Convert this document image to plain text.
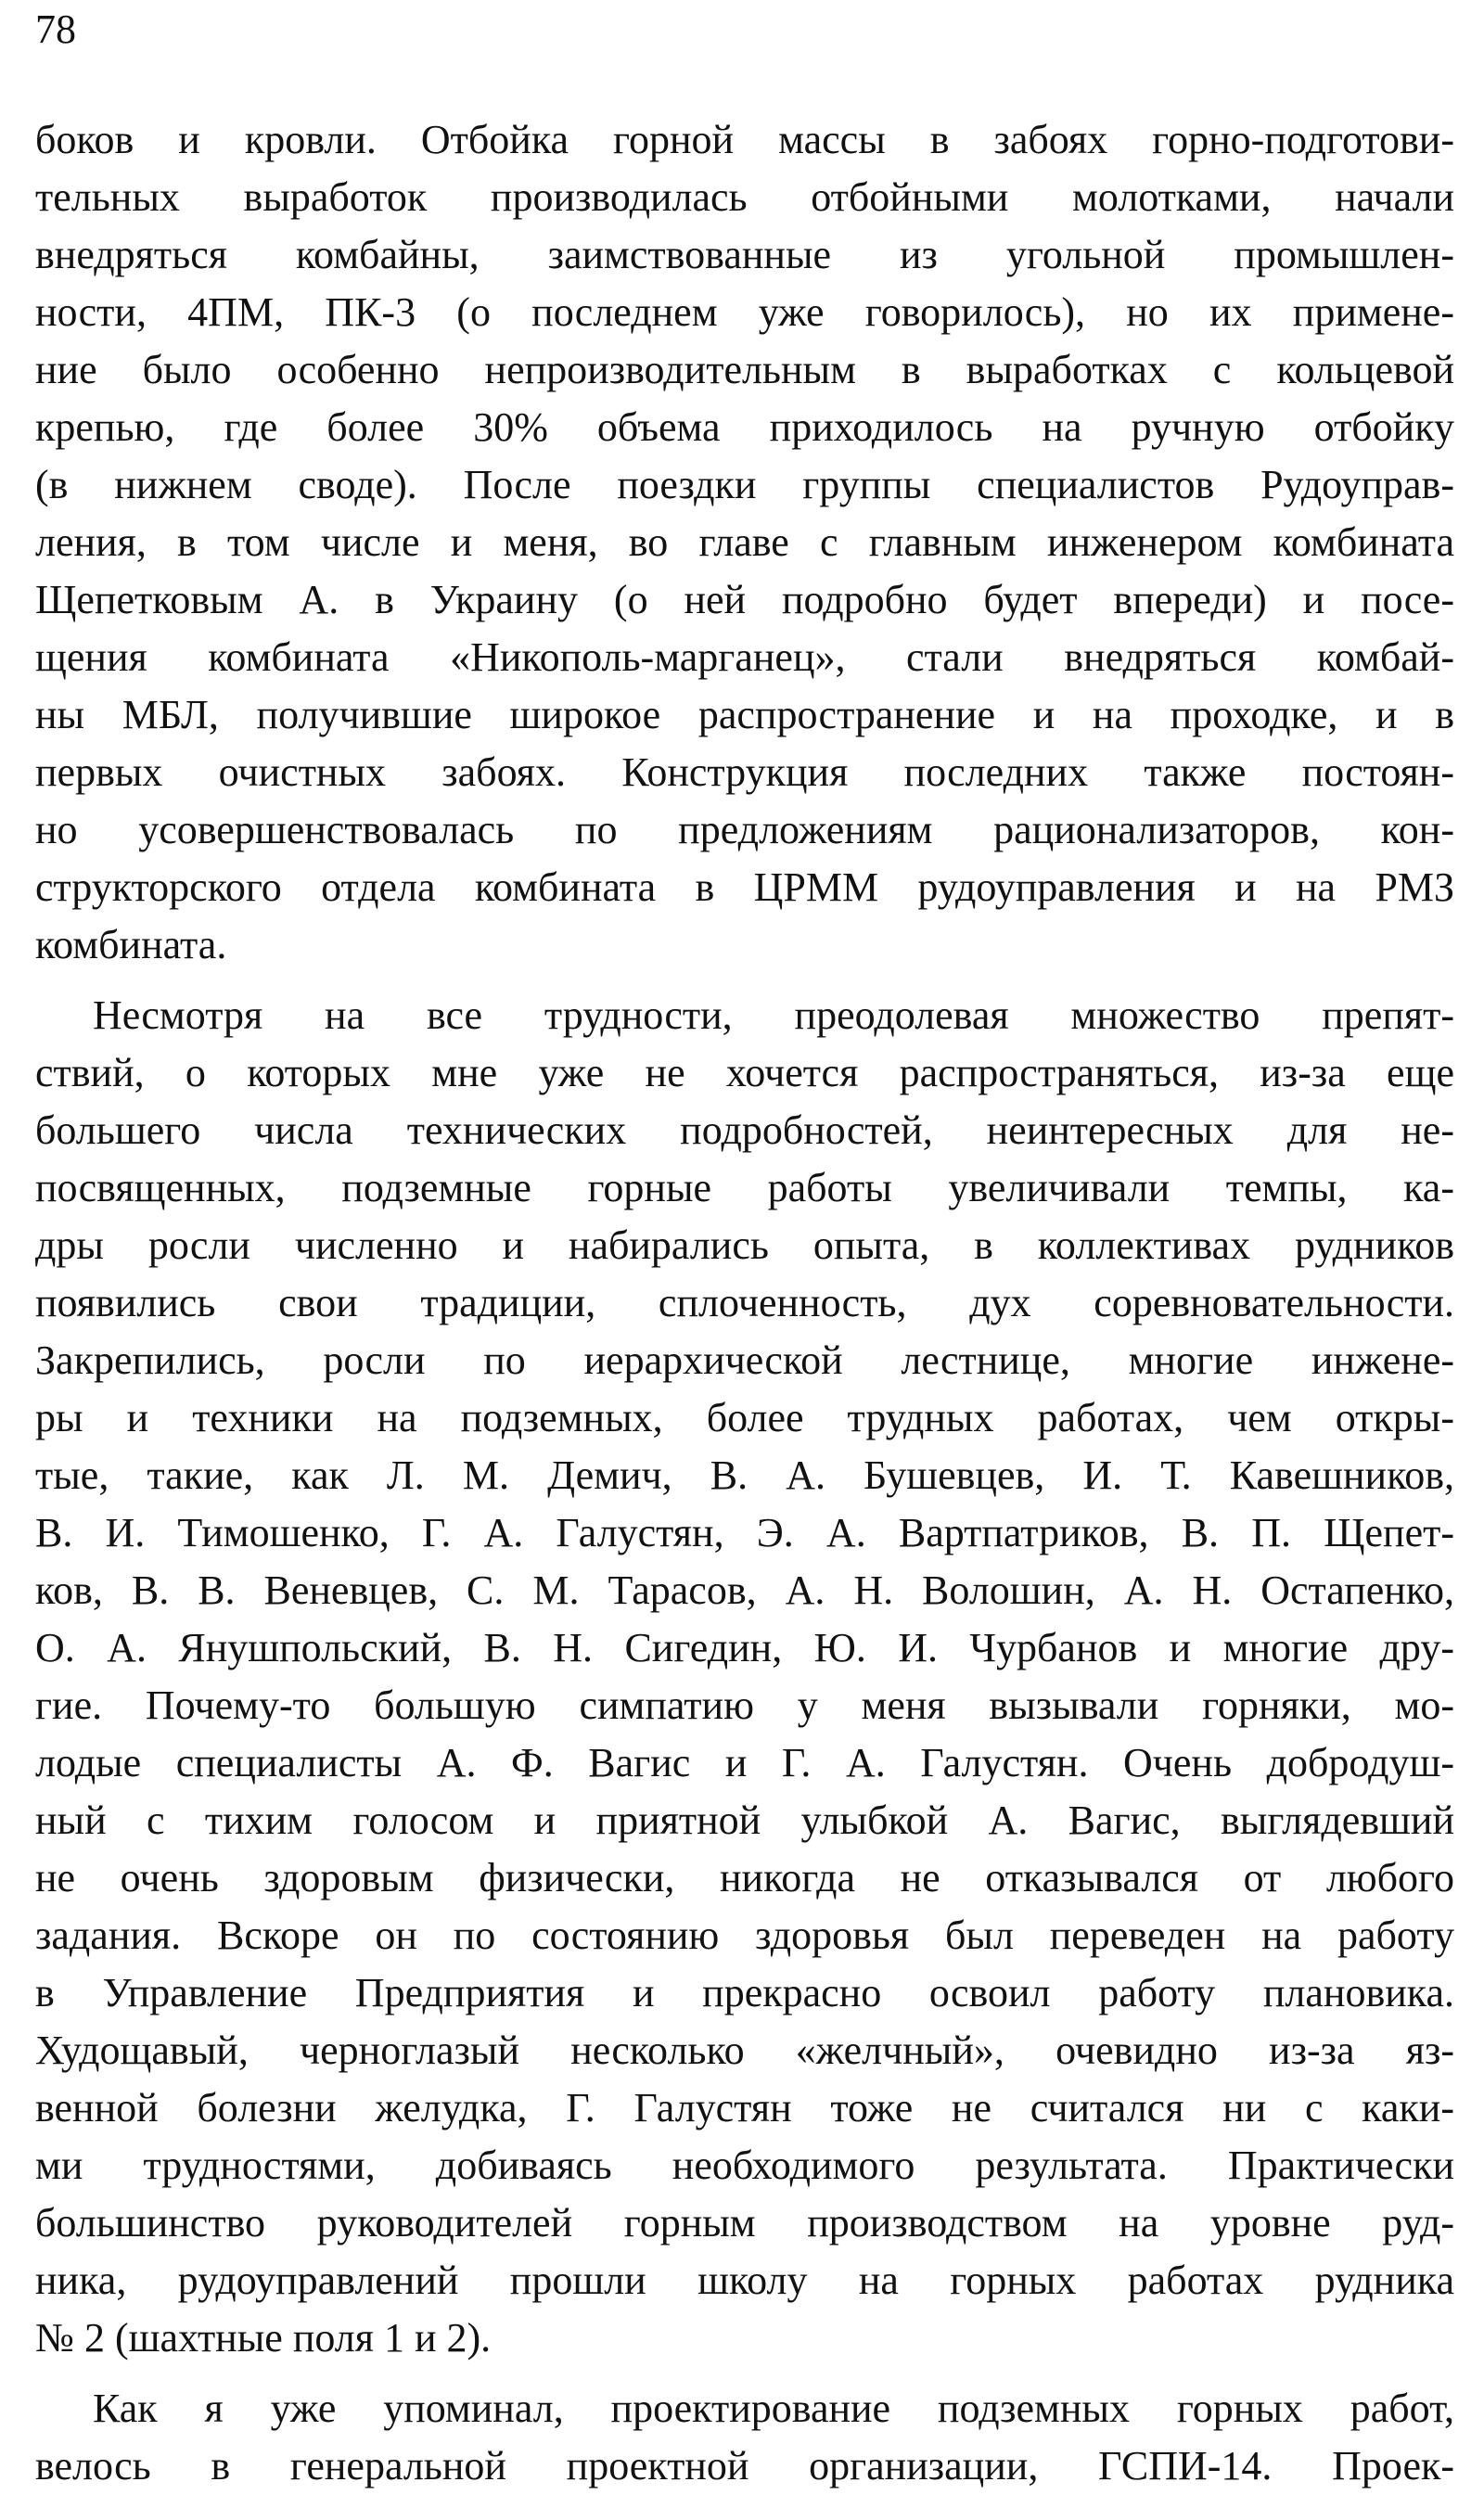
78
боков и кровли. Отбойка горной массы в забоях горно-подготови-
тельных выработок производилась отбойными молотками, начали
внедряться комбайны, заимствованные из угольной промышлен-
ности, 4ПМ, ПК-3 (о последнем уже говорилось), но их применe-
ние было особенно непроизводительным в выработках с кольцевой
крепью, где более 30% объема приходилось на ручную отбойку
(в нижнем своде). После поездки группы специалистов Рудоуправ-
ления, в том числе и меня, во главе с главным инженером комбината
Щепетковым А. в Украину (о ней подробно будет впереди) и посе-
щения комбината «Никополь-марганец», стали внедряться комбай-
ны МБЛ, получившие широкое распространение и на проходке, и в
первых очистных забоях. Конструкция последних также постоян-
но усовершенствовалась по предложениям рационализаторов, кон-
структорского отдела комбината в ЦРММ рудоуправления и на РМЗ
комбината.
Несмотря на все трудности, преодолевая множество препят-
ствий, о которых мне уже не хочется распространяться, из-за еще
большего числа технических подробностей, неинтересных для не-
посвященных, подземные горные работы увеличивали темпы, ка-
дры росли численно и набирались опыта, в коллективах рудников
появились свои традиции, сплоченность, дух соревновательности.
Закрепились, росли по иерархической лестнице, многие инжене-
ры и техники на подземных, более трудных работах, чем откры-
тые, такие, как Л. М. Демич, В. А. Бушевцев, И. Т. Кавешников,
В. И. Тимошенко, Г. А. Галустян, Э. А. Вартпатриков, В. П. Щепет-
ков, В. В. Веневцев, С. М. Тарасов, А. Н. Волошин, А. Н. Остапенко,
О. А. Янушпольский, В. Н. Сигедин, Ю. И. Чурбанов и многие дру-
гие. Почему-то большую симпатию у меня вызывали горняки, мо-
лодые специалисты А. Ф. Вагис и Г. А. Галустян. Очень добродуш-
ный с тихим голосом и приятной улыбкой А. Вагис, выглядевший
не очень здоровым физически, никогда не отказывался от любого
задания. Вскоре он по состоянию здоровья был переведен на работу
в Управление Предприятия и прекрасно освоил работу плановика.
Худощавый, черноглазый несколько «желчный», очевидно из-за яз-
венной болезни желудка, Г. Галустян тоже не считался ни с каки-
ми трудностями, добиваясь необходимого результата. Практически
большинство руководителей горным производством на уровне руд-
ника, рудоуправлений прошли школу на горных работах рудника
№ 2 (шахтные поля 1 и 2).
Как я уже упоминал, проектирование подземных горных работ,
велось в генеральной проектной организации, ГСПИ-14. Проек-
